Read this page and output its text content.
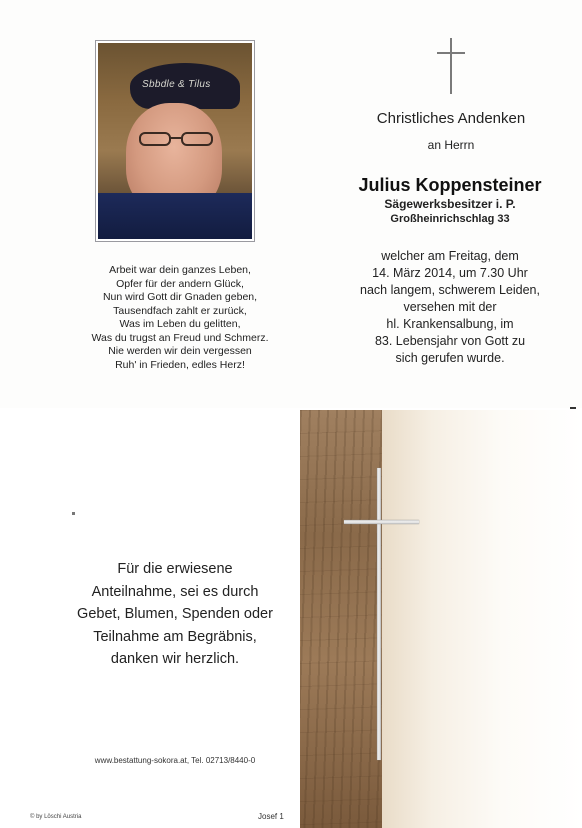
Sbbdle & Tilus
Arbeit war dein ganzes Leben,
Opfer für der andern Glück,
Nun wird Gott dir Gnaden geben,
Tausendfach zahlt er zurück,
Was im Leben du gelitten,
Was du trugst an Freud und Schmerz.
Nie werden wir dein vergessen
Ruh' in Frieden, edles Herz!
Christliches Andenken
an Herrn
Julius Koppensteiner
Sägewerksbesitzer i. P.
Großheinrichschlag 33
welcher am Freitag, dem
14. März 2014, um 7.30 Uhr
nach langem, schwerem Leiden,
versehen mit der
hl. Krankensalbung, im
83. Lebensjahr von Gott zu
sich gerufen wurde.
Für die erwiesene
Anteilnahme, sei es durch
Gebet, Blumen, Spenden oder
Teilnahme am Begräbnis,
danken wir herzlich.
www.bestattung-sokora.at, Tel. 02713/8440-0
© by Löschi Austria	Josef 1
